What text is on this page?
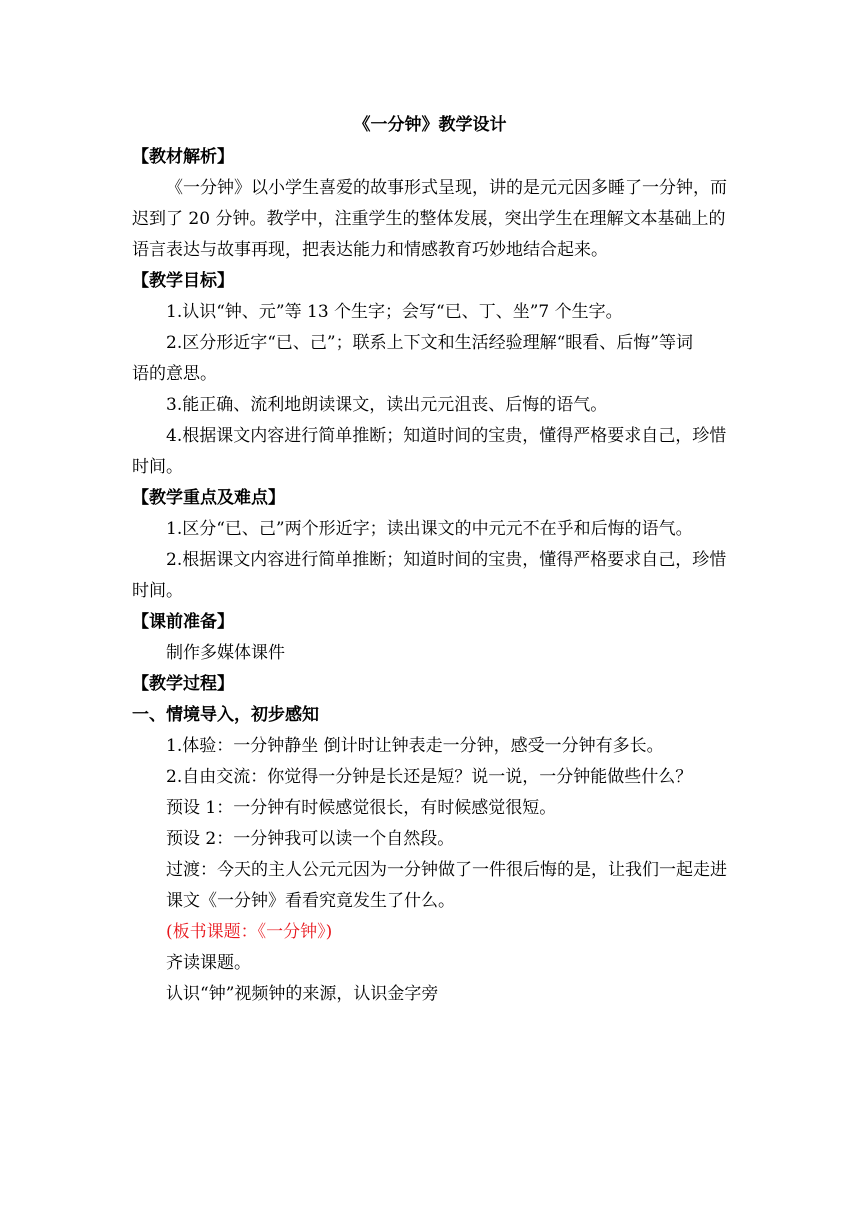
《一分钟》教学设计
【教材解析】
《一分钟》以小学生喜爱的故事形式呈现，讲的是元元因多睡了一分钟，而
迟到了 20 分钟。教学中，注重学生的整体发展，突出学生在理解文本基础上的
语言表达与故事再现，把表达能力和情感教育巧妙地结合起来。
【教学目标】
1.认识“钟、元”等 13 个生字；会写“已、丁、坐”7 个生字。
2.区分形近字“已、己”；联系上下文和生活经验理解“眼看、后悔”等词
语的意思。
3.能正确、流利地朗读课文，读出元元沮丧、后悔的语气。
4.根据课文内容进行简单推断；知道时间的宝贵，懂得严格要求自己，珍惜
时间。
【教学重点及难点】
1.区分“已、己”两个形近字；读出课文的中元元不在乎和后悔的语气。
2.根据课文内容进行简单推断；知道时间的宝贵，懂得严格要求自己，珍惜
时间。
【课前准备】
制作多媒体课件
【教学过程】
一、情境导入，初步感知
1.体验：一分钟静坐 倒计时让钟表走一分钟，感受一分钟有多长。
2.自由交流：你觉得一分钟是长还是短？说一说，一分钟能做些什么？
预设 1：一分钟有时候感觉很长，有时候感觉很短。
预设 2：一分钟我可以读一个自然段。
过渡：今天的主人公元元因为一分钟做了一件很后悔的是，让我们一起走进
课文《一分钟》看看究竟发生了什么。
(板书课题：《一分钟》)
齐读课题。
认识“钟”视频钟的来源，认识金字旁
